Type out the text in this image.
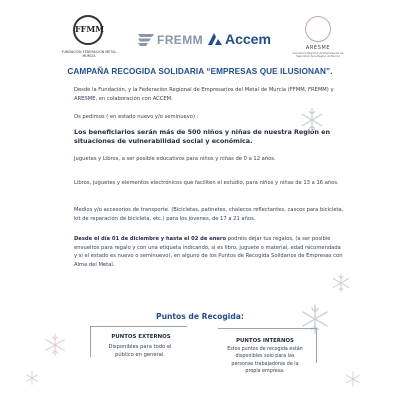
FFMM
FUNDACIÓN FEDERACIÓN METAL MURCIA
FREMM Accem
ARESME
Asociación Regional de Empresarios de Seguridad de la Región de Murcia
CAMPAÑA RECOGIDA SOLIDARIA “EMPRESAS QUE ILUSIONAN”.
Desde la Fundación, y la Federación Regional de Empresarios del Metal de Murcia (FFMM, FREMM) y ARESME, en colaboración con ACCEM.
Os pedimos ( en estado nuevo y/o seminuevo) :
Los beneficiarios serán más de 500 niños y niñas de nuestra Región en situaciones de vulnerabilidad social y económica.
Juguetes y Libros, a ser posible educativos para niños y niñas de 0 a 12 años.
Libros, juguetes y elementos electrónicos que faciliten el estudio, para niños y niñas de 13 a 16 años.
Medios y/o accesorios de transporte. (Bicicletas, patinetes, chalecos reflectantes, cascos para bicicleta, kit de reparación de bicicleta, etc.) para los jóvenes, de 17 a 21 años.
Desde el día 01 de diciembre y hasta el 02 de enero podréis dejar tus regalos, (a ser posible envueltos para regalo y con una etiqueta indicando, si es libro, juguete o material, edad recomendada y si el estado es nuevo o seminuevo), en alguno de los Puntos de Recogida Solidarios de Empresas con Alma del Metal.
Puntos de Recogida:
PUNTOS EXTERNOS
Disponibles para todo el
público en general.
PUNTOS INTERNOS
Estos puntos de recogida están
disponibles solo para las
personas trabajadoras de la
propia empresa.
